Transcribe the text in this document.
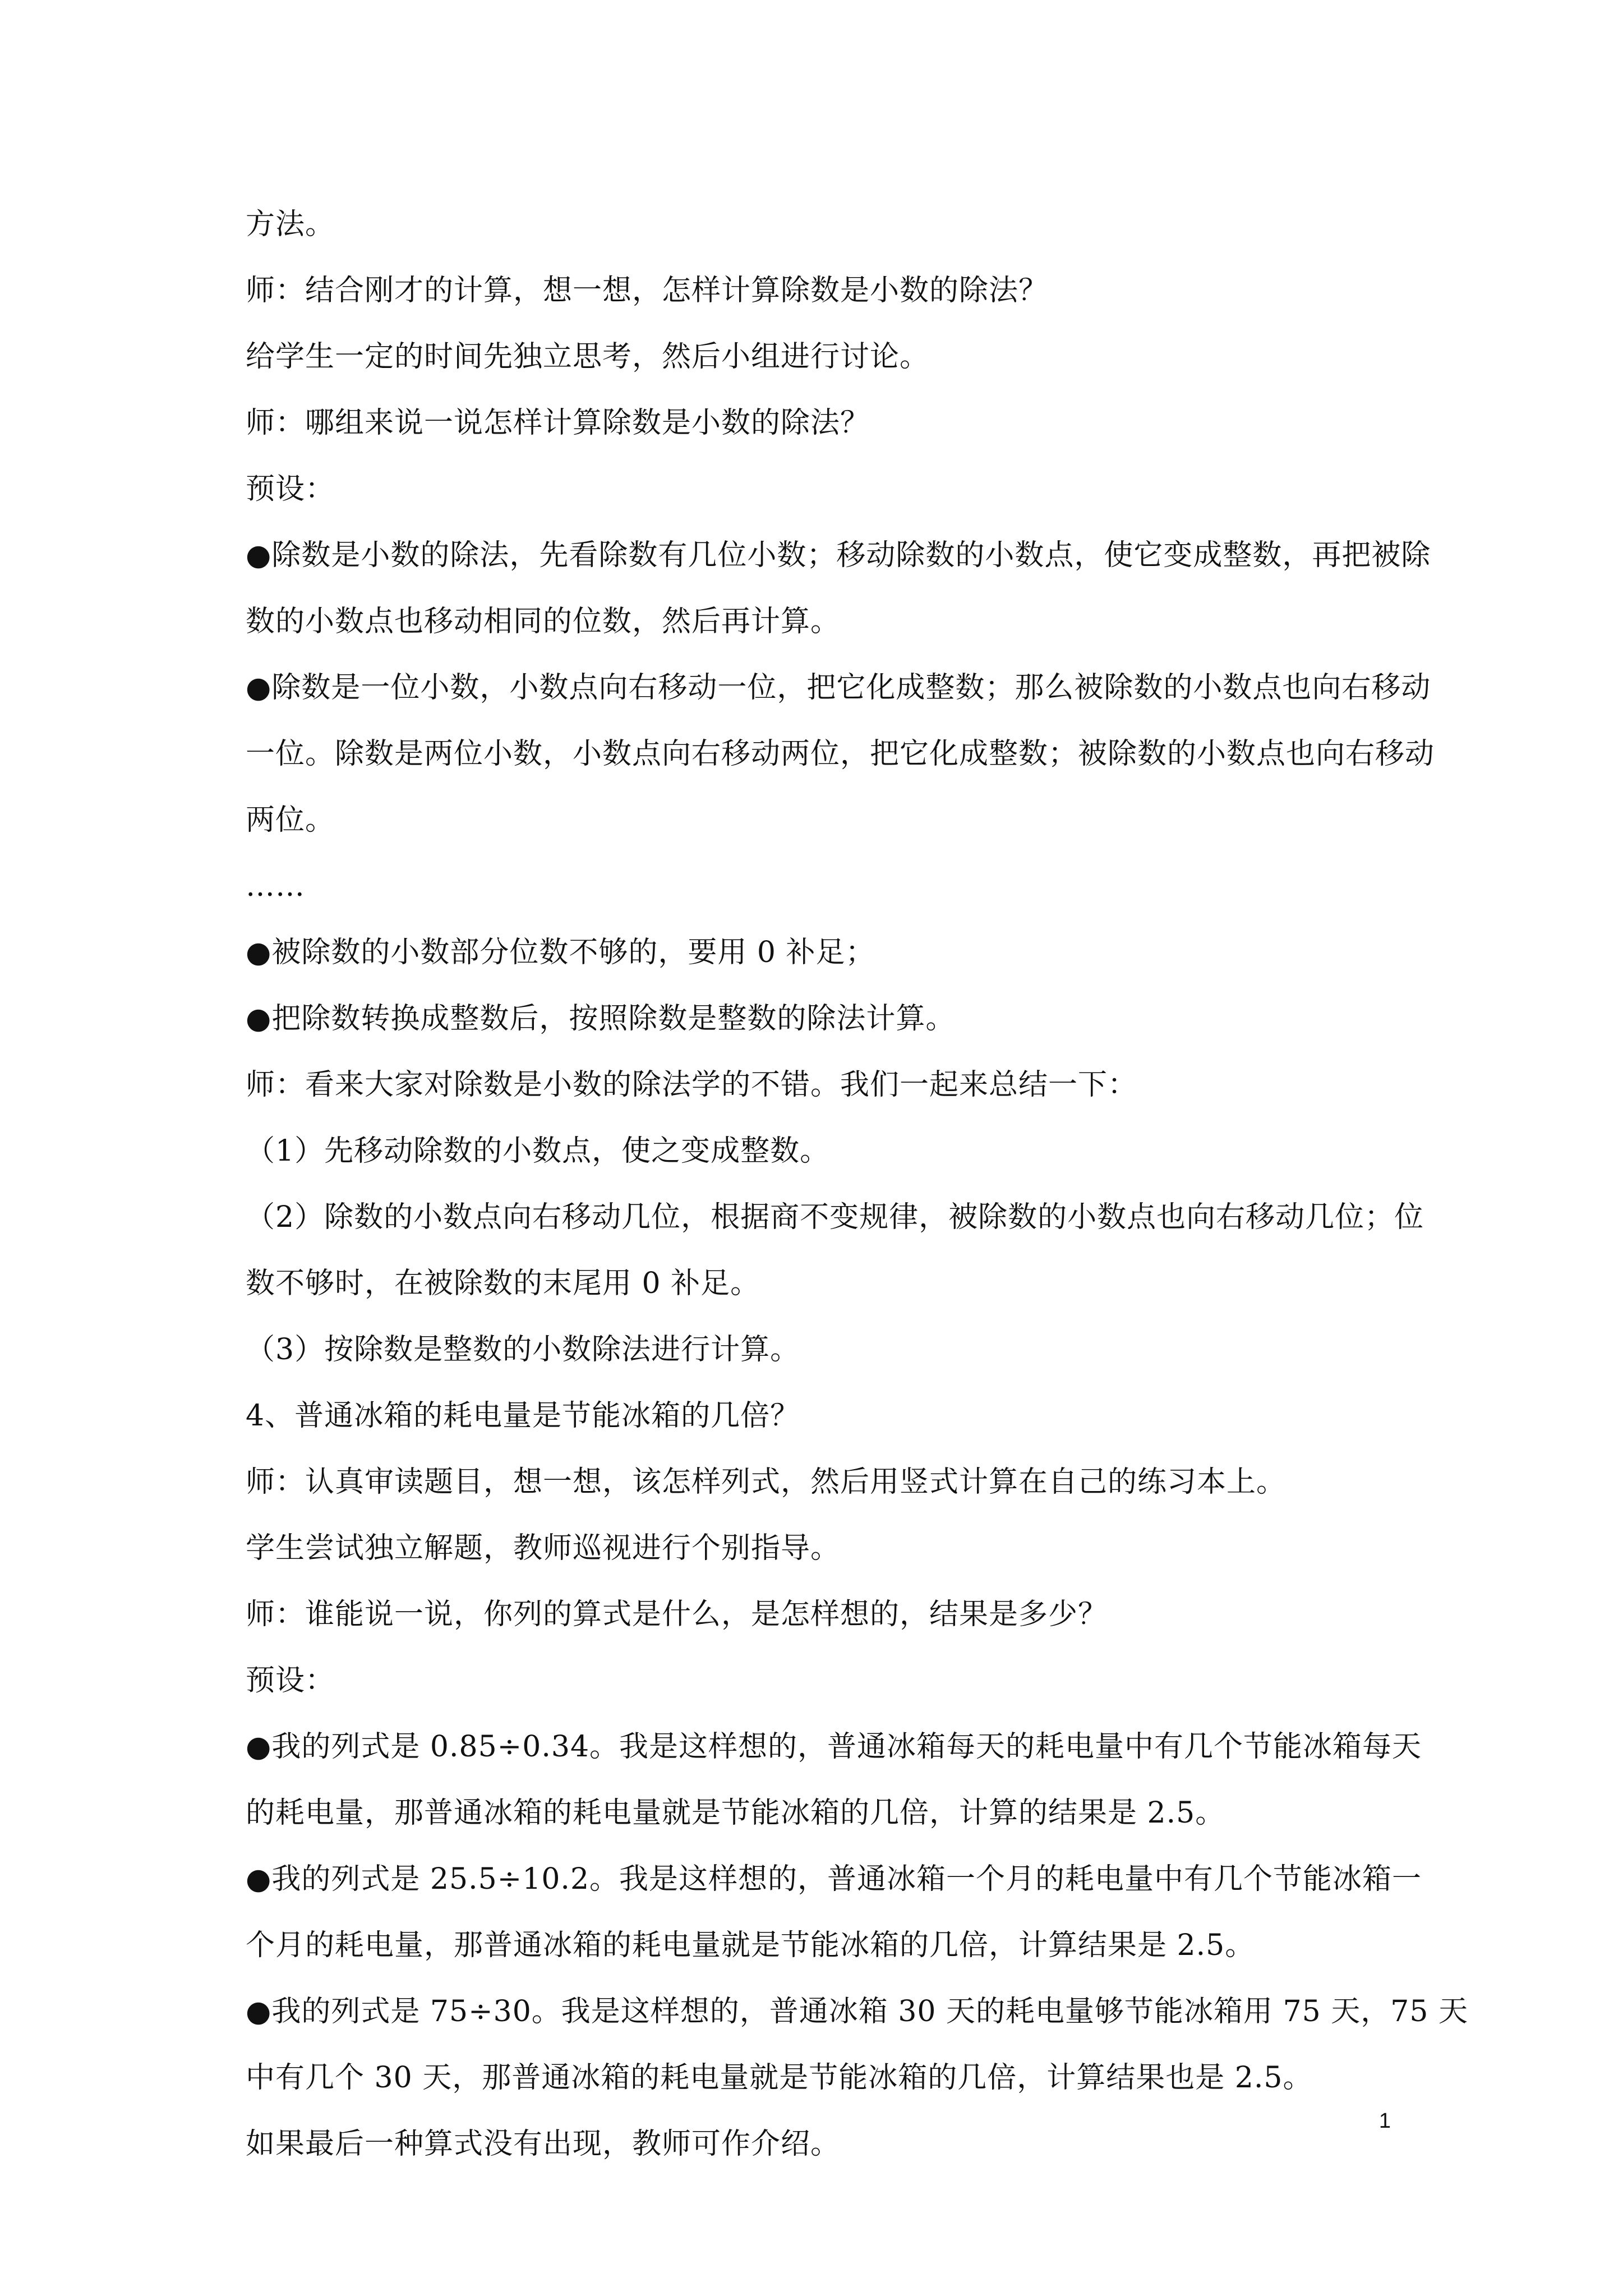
方法。
师：结合刚才的计算，想一想，怎样计算除数是小数的除法？
给学生一定的时间先独立思考，然后小组进行讨论。
师：哪组来说一说怎样计算除数是小数的除法？
预设：
●除数是小数的除法，先看除数有几位小数；移动除数的小数点，使它变成整数，再把被除
数的小数点也移动相同的位数，然后再计算。
●除数是一位小数，小数点向右移动一位，把它化成整数；那么被除数的小数点也向右移动
一位。除数是两位小数，小数点向右移动两位，把它化成整数；被除数的小数点也向右移动
两位。
……
●被除数的小数部分位数不够的，要用 0 补足；
●把除数转换成整数后，按照除数是整数的除法计算。
师：看来大家对除数是小数的除法学的不错。我们一起来总结一下：
（1）先移动除数的小数点，使之变成整数。
（2）除数的小数点向右移动几位，根据商不变规律，被除数的小数点也向右移动几位；位
数不够时，在被除数的末尾用 0 补足。
（3）按除数是整数的小数除法进行计算。
4、普通冰箱的耗电量是节能冰箱的几倍？
师：认真审读题目，想一想，该怎样列式，然后用竖式计算在自己的练习本上。
学生尝试独立解题，教师巡视进行个别指导。
师：谁能说一说，你列的算式是什么，是怎样想的，结果是多少？
预设：
●我的列式是 0.85÷0.34。我是这样想的，普通冰箱每天的耗电量中有几个节能冰箱每天
的耗电量，那普通冰箱的耗电量就是节能冰箱的几倍，计算的结果是 2.5。
●我的列式是 25.5÷10.2。我是这样想的，普通冰箱一个月的耗电量中有几个节能冰箱一
个月的耗电量，那普通冰箱的耗电量就是节能冰箱的几倍，计算结果是 2.5。
●我的列式是 75÷30。我是这样想的，普通冰箱 30 天的耗电量够节能冰箱用 75 天，75 天
中有几个 30 天，那普通冰箱的耗电量就是节能冰箱的几倍，计算结果也是 2.5。
如果最后一种算式没有出现，教师可作介绍。
1
